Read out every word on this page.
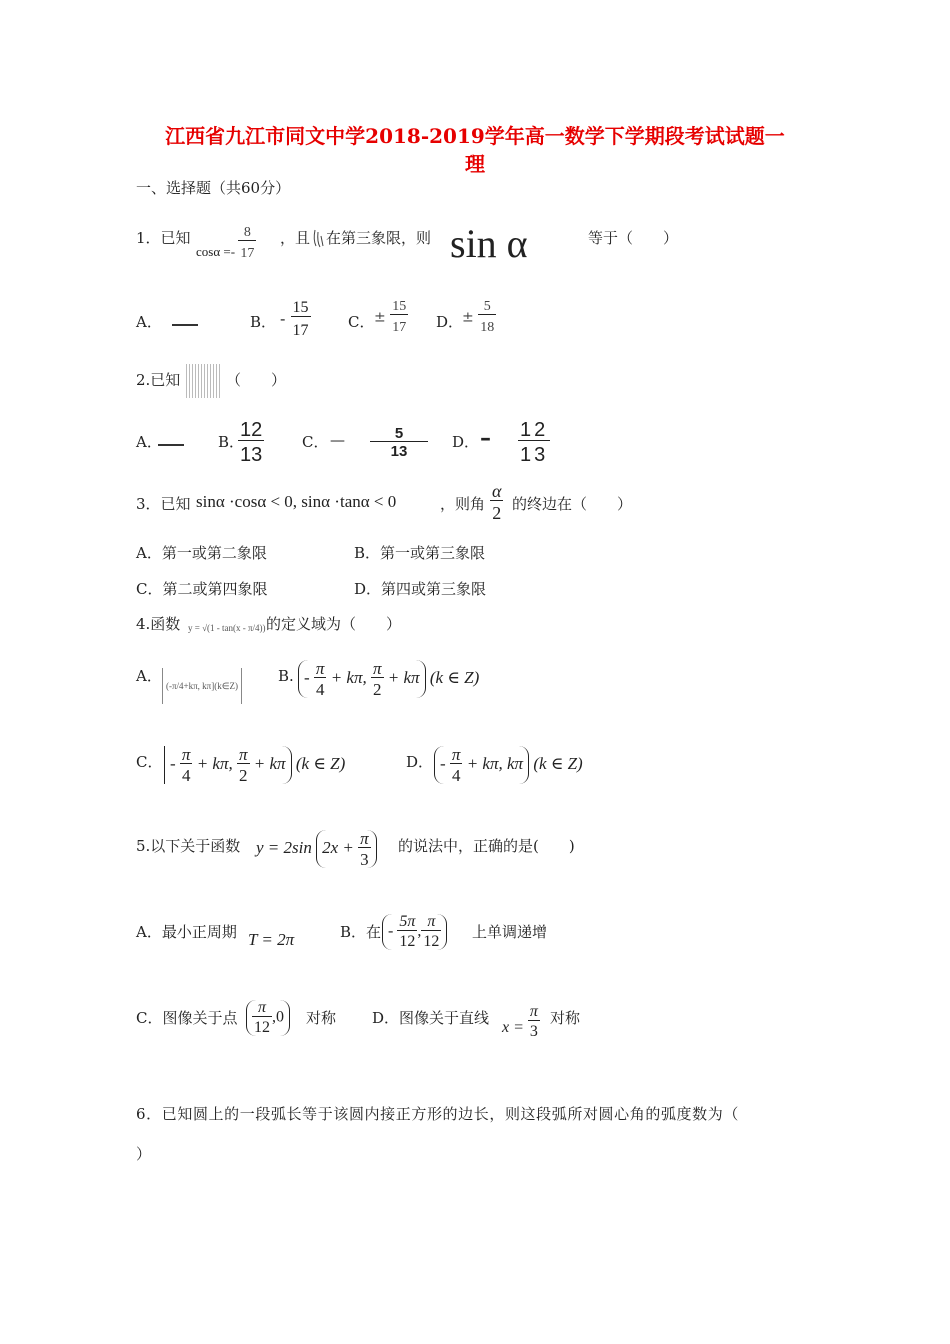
江西省九江市同文中学2018-2019学年高一数学下学期段考试试题一
理
一、选择题（共60分）
1．已知
$\cos\alpha =- \frac{8}{17}$ ，且 在第三象限，则 sin α	等于（　　）
A．	B． - $\frac{15}{17}$	C． ± $\frac{15}{17}$ D．
± $\frac{5}{18}$
2.已知	（　　）
A．	B．
$\frac{12}{13}$	C． — $\frac{5}{13}$ D． – $\frac{12}{13}$
3．已知 sinα ·cosα < 0, sinα ·tanα < 0	，则角 $\frac{\alpha}{2}$ 的终边在（　　）
A．第一或第二象限	B．第一或第三象限
C．第二或第四象限	D．第四或第三象限
4.函数 y = √(1 - tan(x - π/4)) 的定义域为（　　）
A．
(-π/4+kπ, kπ](k∈Z)
B. - $\frac{\pi}{4} + k\pi$, $\frac{\pi}{2} + k\pi$ (k ∈ Z)
C． - $\frac{\pi}{4} + k\pi$, $\frac{\pi}{2} + k\pi$ (k ∈ Z)	D． - $\frac{\pi}{4} + k\pi$, kπ (k ∈ Z)
5.以下关于函数 y = 2sin $2x + \frac{\pi}{3}$ 的说法中，正确的是(　　)
A．最小正周期 T = 2π	B．在 - $\frac{5\pi}{12}$ , $\frac{\pi}{12}$ 上单调递增
C．图像关于点 $\frac{\pi}{12} ,0$	对称 D．图像关于直线
$x = \frac{\pi}{3}$ 对称
6．已知圆上的一段弧长等于该圆内接正方形的边长，则这段弧所对圆心角的弧度数为（
）
